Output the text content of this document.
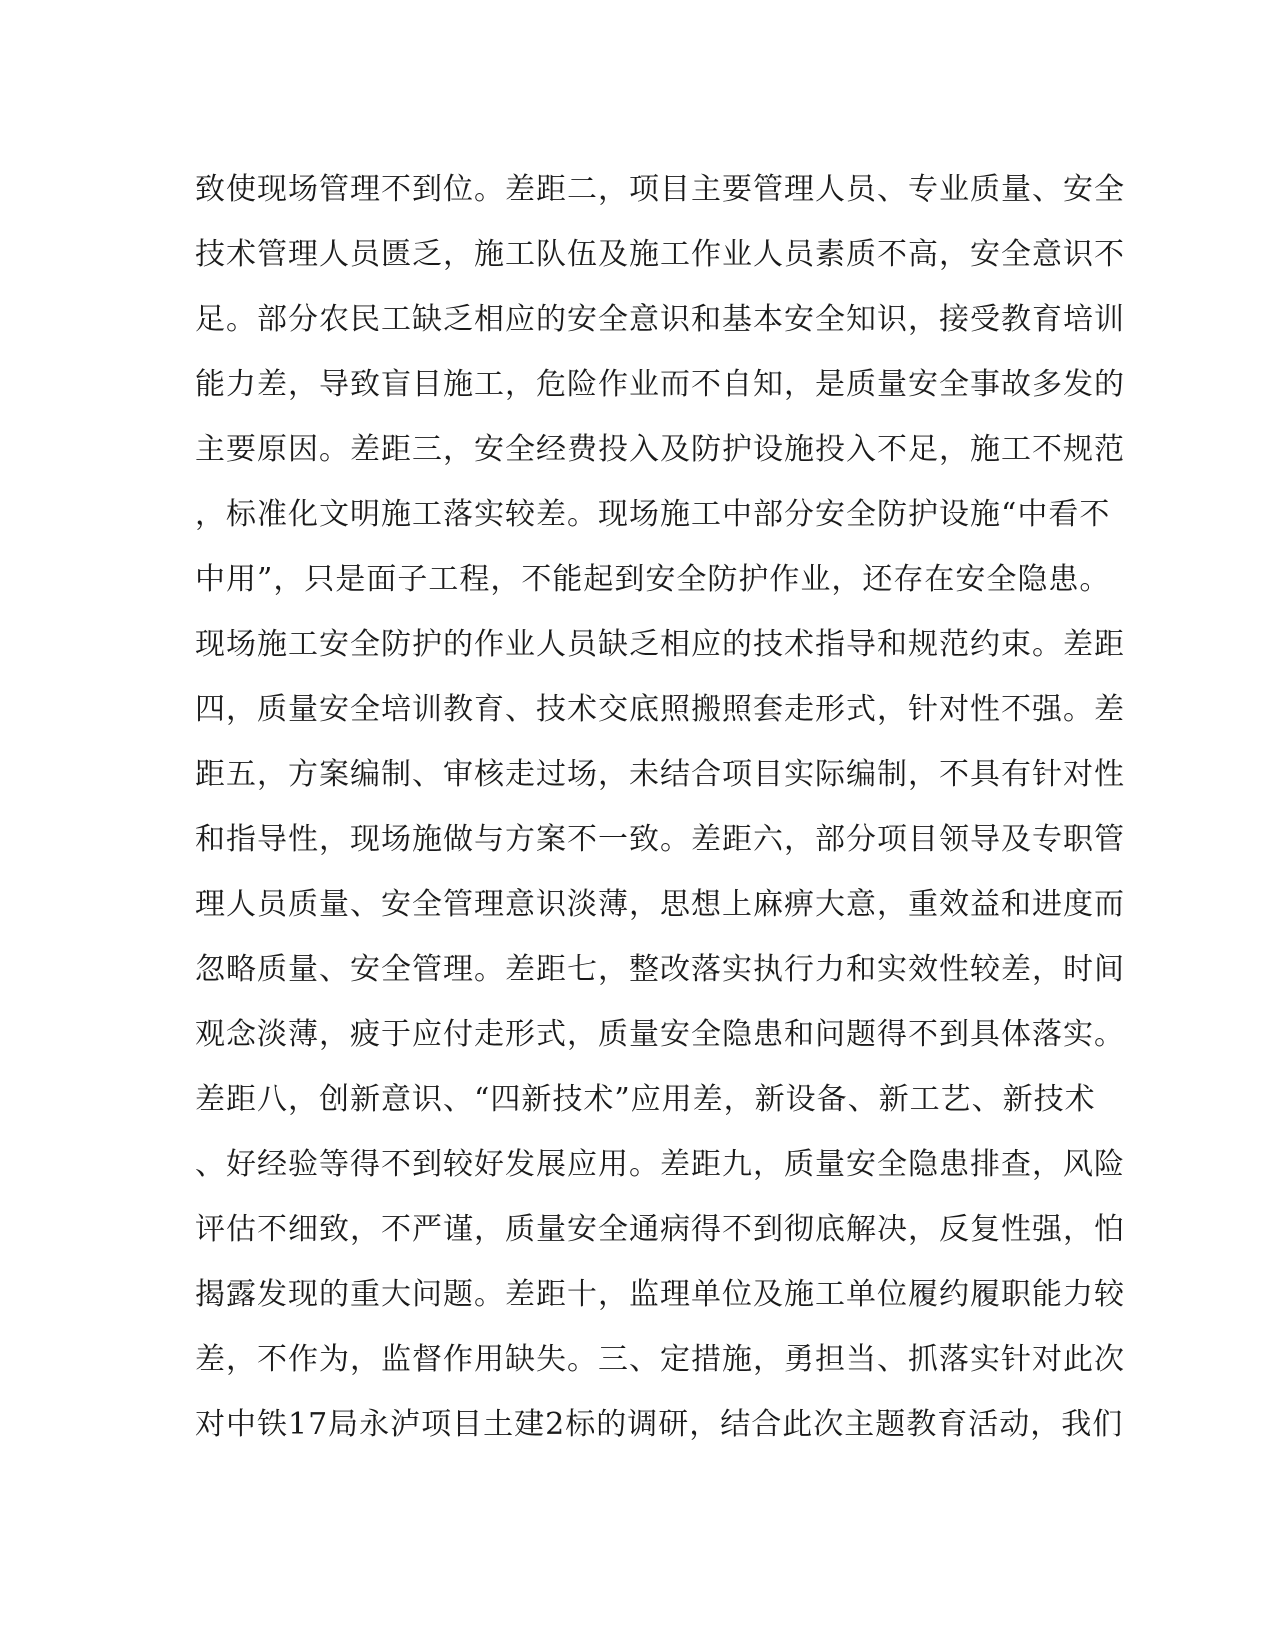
致使现场管理不到位。差距二，项目主要管理人员、专业质量、安全
技术管理人员匮乏，施工队伍及施工作业人员素质不高，安全意识不
足。部分农民工缺乏相应的安全意识和基本安全知识，接受教育培训
能力差，导致盲目施工，危险作业而不自知，是质量安全事故多发的
主要原因。差距三，安全经费投入及防护设施投入不足，施工不规范
，标准化文明施工落实较差。现场施工中部分安全防护设施“中看不
中用”，只是面子工程，不能起到安全防护作业，还存在安全隐患。
现场施工安全防护的作业人员缺乏相应的技术指导和规范约束。差距
四，质量安全培训教育、技术交底照搬照套走形式，针对性不强。差
距五，方案编制、审核走过场，未结合项目实际编制，不具有针对性
和指导性，现场施做与方案不一致。差距六，部分项目领导及专职管
理人员质量、安全管理意识淡薄，思想上麻痹大意，重效益和进度而
忽略质量、安全管理。差距七，整改落实执行力和实效性较差，时间
观念淡薄，疲于应付走形式，质量安全隐患和问题得不到具体落实。
差距八，创新意识、“四新技术”应用差，新设备、新工艺、新技术
、好经验等得不到较好发展应用。差距九，质量安全隐患排查，风险
评估不细致，不严谨，质量安全通病得不到彻底解决，反复性强，怕
揭露发现的重大问题。差距十，监理单位及施工单位履约履职能力较
差，不作为，监督作用缺失。三、定措施，勇担当、抓落实针对此次
对中铁17局永泸项目土建2标的调研，结合此次主题教育活动，我们
